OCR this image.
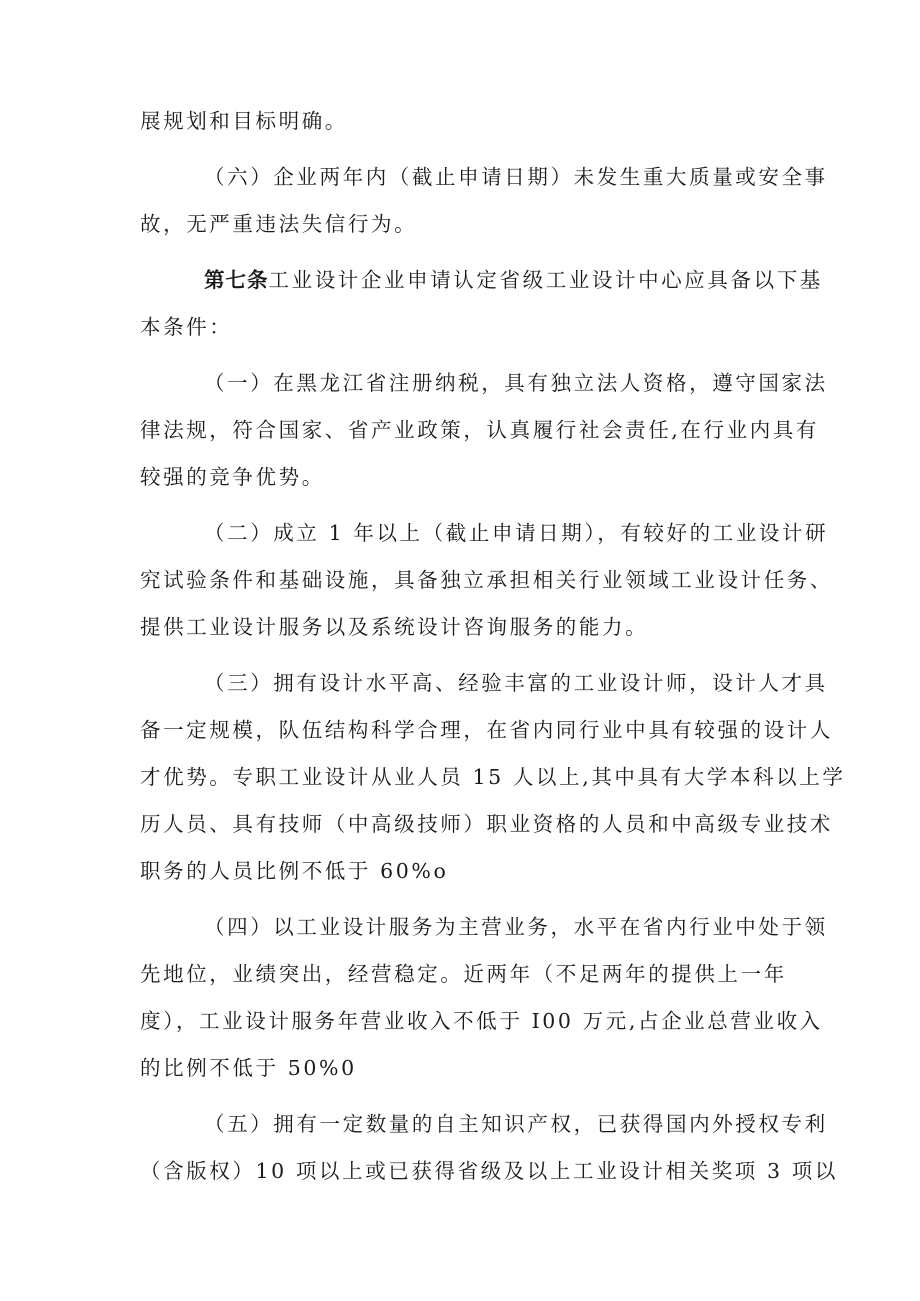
展规划和目标明确。
（六）企业两年内（截止申请日期）未发生重大质量或安全事
故，无严重违法失信行为。
第七条工业设计企业申请认定省级工业设计中心应具备以下基
本条件：
（一）在黑龙江省注册纳税，具有独立法人资格，遵守国家法
律法规，符合国家、省产业政策，认真履行社会责任,在行业内具有
较强的竞争优势。
（二）成立 1 年以上（截止申请日期），有较好的工业设计研
究试验条件和基础设施，具备独立承担相关行业领域工业设计任务、
提供工业设计服务以及系统设计咨询服务的能力。
（三）拥有设计水平高、经验丰富的工业设计师，设计人才具
备一定规模，队伍结构科学合理，在省内同行业中具有较强的设计人
才优势。专职工业设计从业人员 15 人以上,其中具有大学本科以上学
历人员、具有技师（中高级技师）职业资格的人员和中高级专业技术
职务的人员比例不低于 60%o
（四）以工业设计服务为主营业务，水平在省内行业中处于领
先地位，业绩突出，经营稳定。近两年（不足两年的提供上一年
度），工业设计服务年营业收入不低于 I00 万元,占企业总营业收入
的比例不低于 50%0
（五）拥有一定数量的自主知识产权，已获得国内外授权专利
（含版权）10 项以上或已获得省级及以上工业设计相关奖项 3 项以
